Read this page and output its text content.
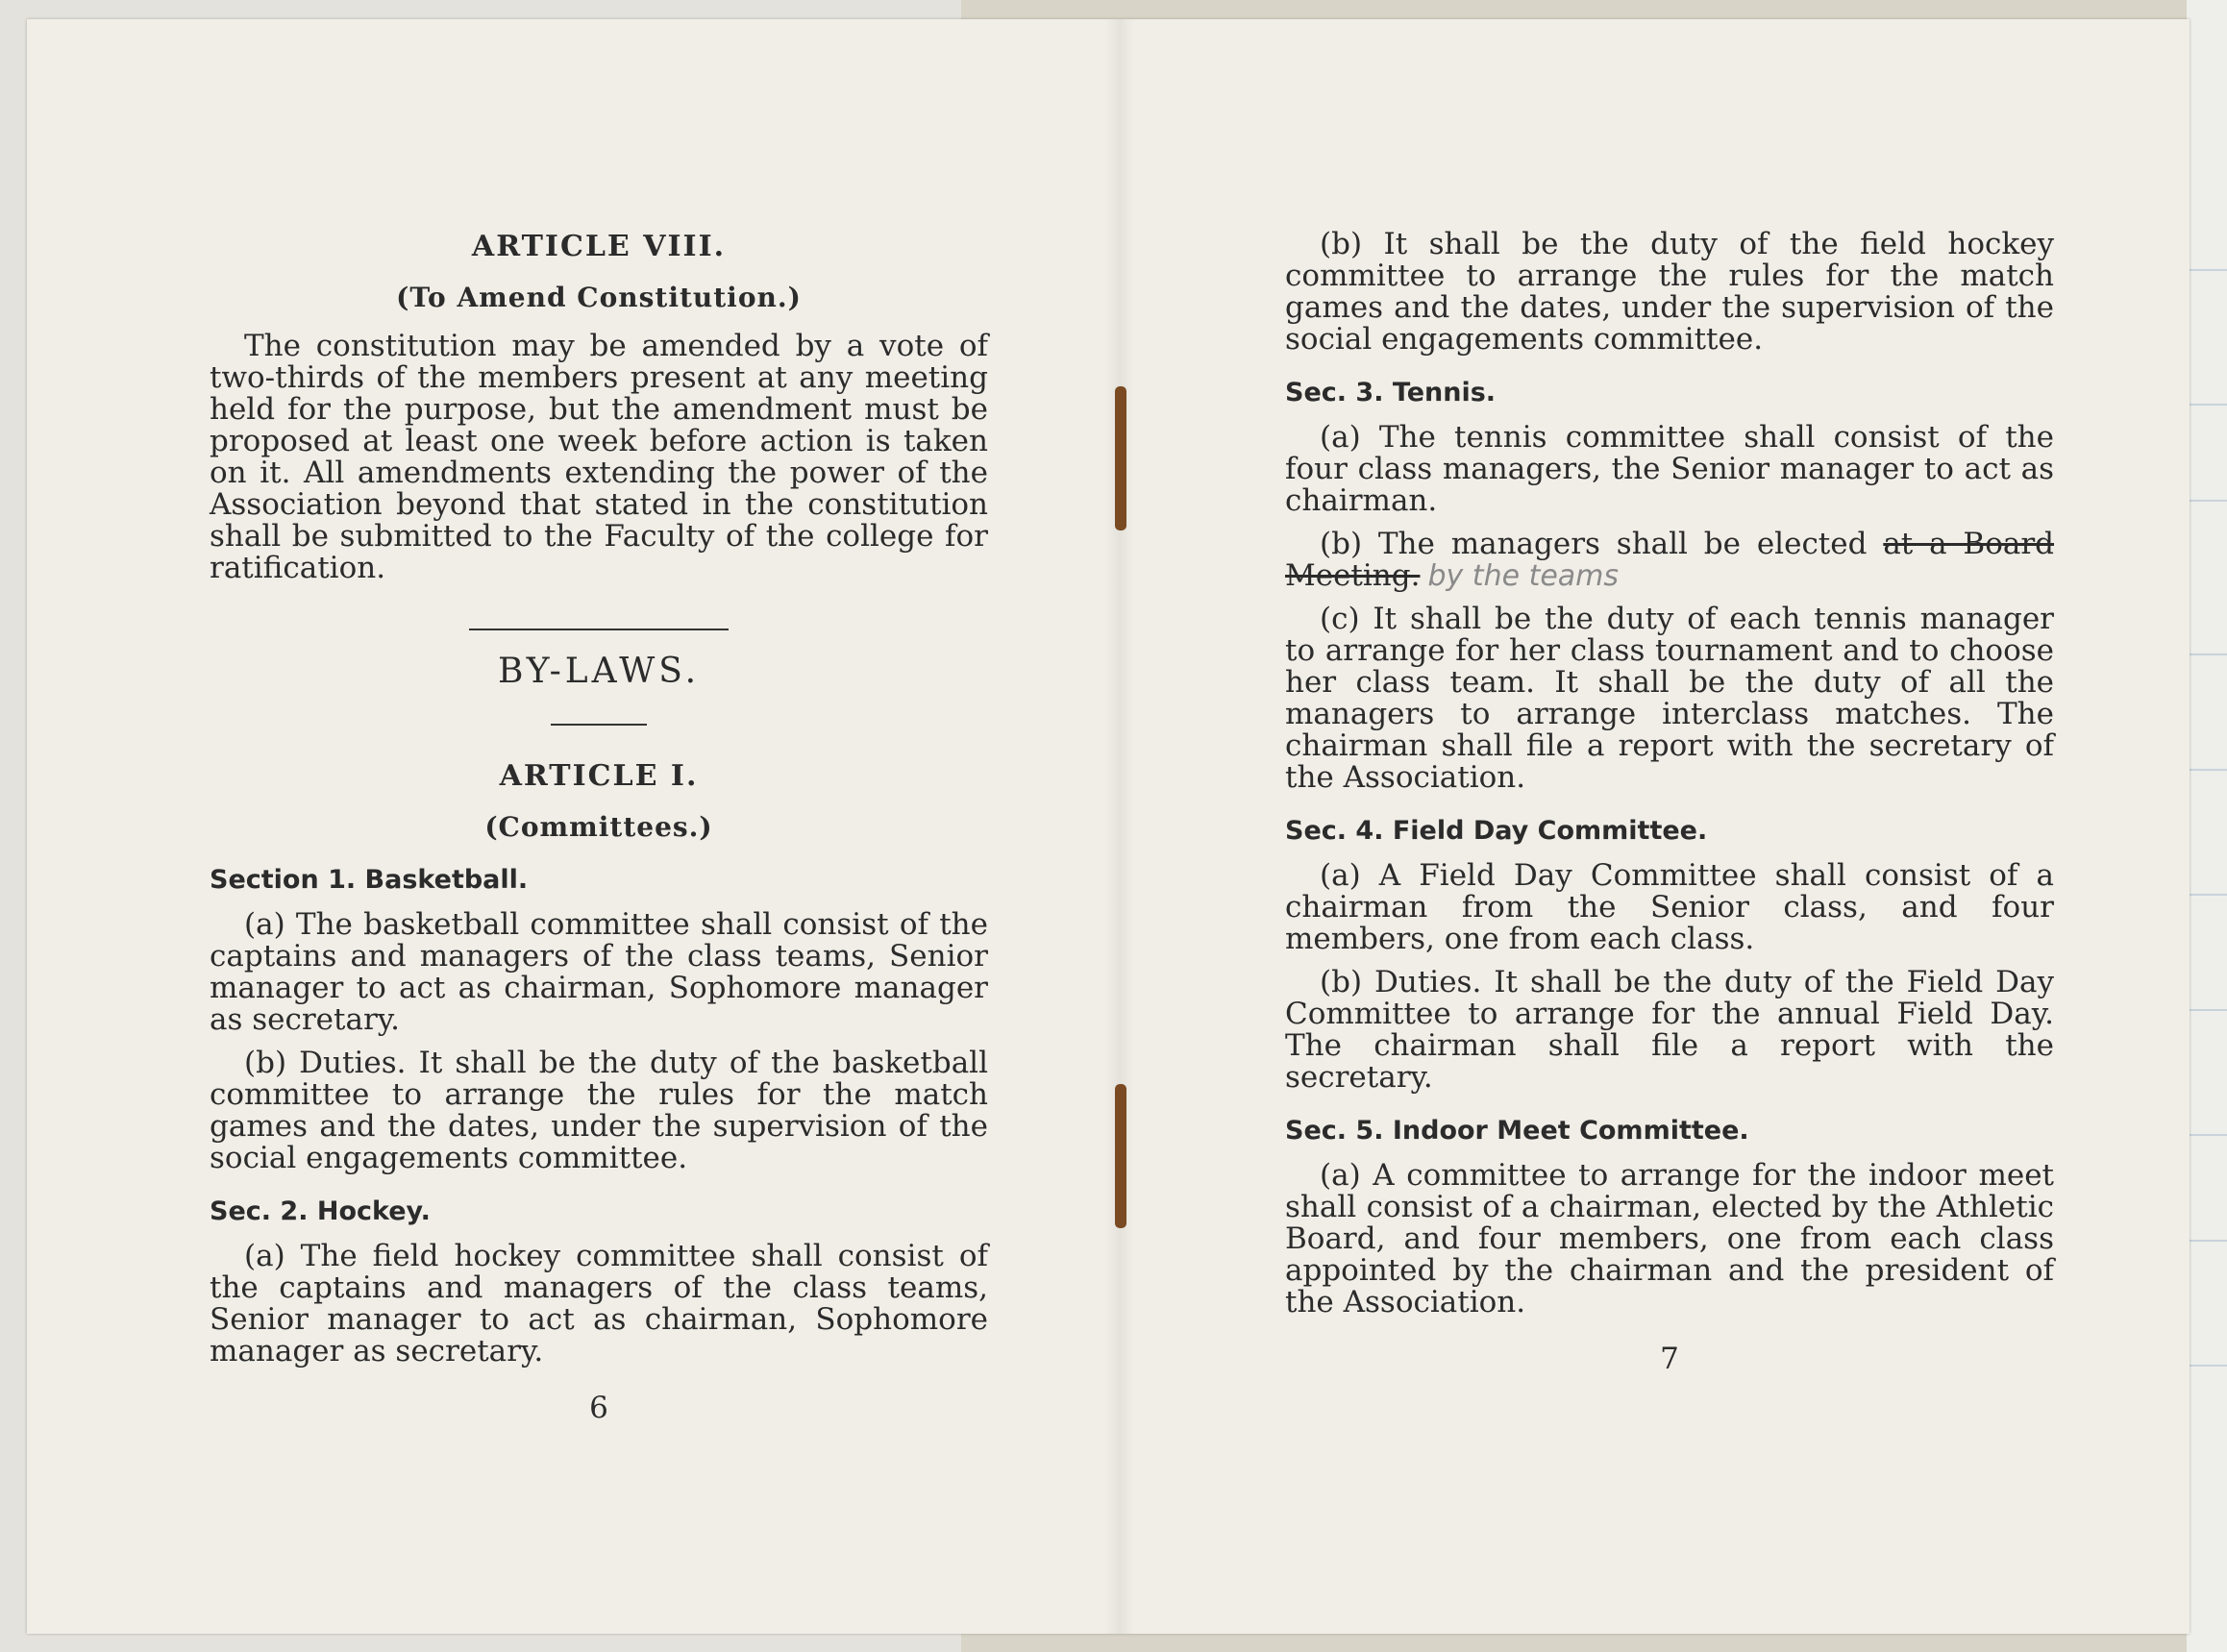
ARTICLE VIII.
(To Amend Constitution.)

The constitution may be amended by a vote of two-thirds of the members present at any meeting held for the purpose, but the amendment must be proposed at least one week before action is taken on it. All amendments extending the power of the Association beyond that stated in the constitution shall be submitted to the Faculty of the college for ratification.

BY-LAWS.
ARTICLE I.
(Committees.)
Section 1. Basketball.

(a) The basketball committee shall consist of the captains and managers of the class teams, Senior manager to act as chairman, Sophomore manager as secretary.

(b) Duties. It shall be the duty of the basketball committee to arrange the rules for the match games and the dates, under the supervision of the social engagements committee.

Sec. 2. Hockey.

(a) The field hockey committee shall consist of the captains and managers of the class teams, Senior manager to act as chairman, Sophomore manager as secretary.

6

(b) It shall be the duty of the field hockey committee to arrange the rules for the match games and the dates, under the supervision of the social engagements committee.

Sec. 3. Tennis.

(a) The tennis committee shall consist of the four class managers, the Senior manager to act as chairman.

(b) The managers shall be elected at a Board Meeting. by the teams

(c) It shall be the duty of each tennis manager to arrange for her class tournament and to choose her class team. It shall be the duty of all the managers to arrange interclass matches. The chairman shall file a report with the secretary of the Association.

Sec. 4. Field Day Committee.

(a) A Field Day Committee shall consist of a chairman from the Senior class, and four members, one from each class.

(b) Duties. It shall be the duty of the Field Day Committee to arrange for the annual Field Day. The chairman shall file a report with the secretary.

Sec. 5. Indoor Meet Committee.

(a) A committee to arrange for the indoor meet shall consist of a chairman, elected by the Athletic Board, and four members, one from each class appointed by the chairman and the president of the Association.

7
